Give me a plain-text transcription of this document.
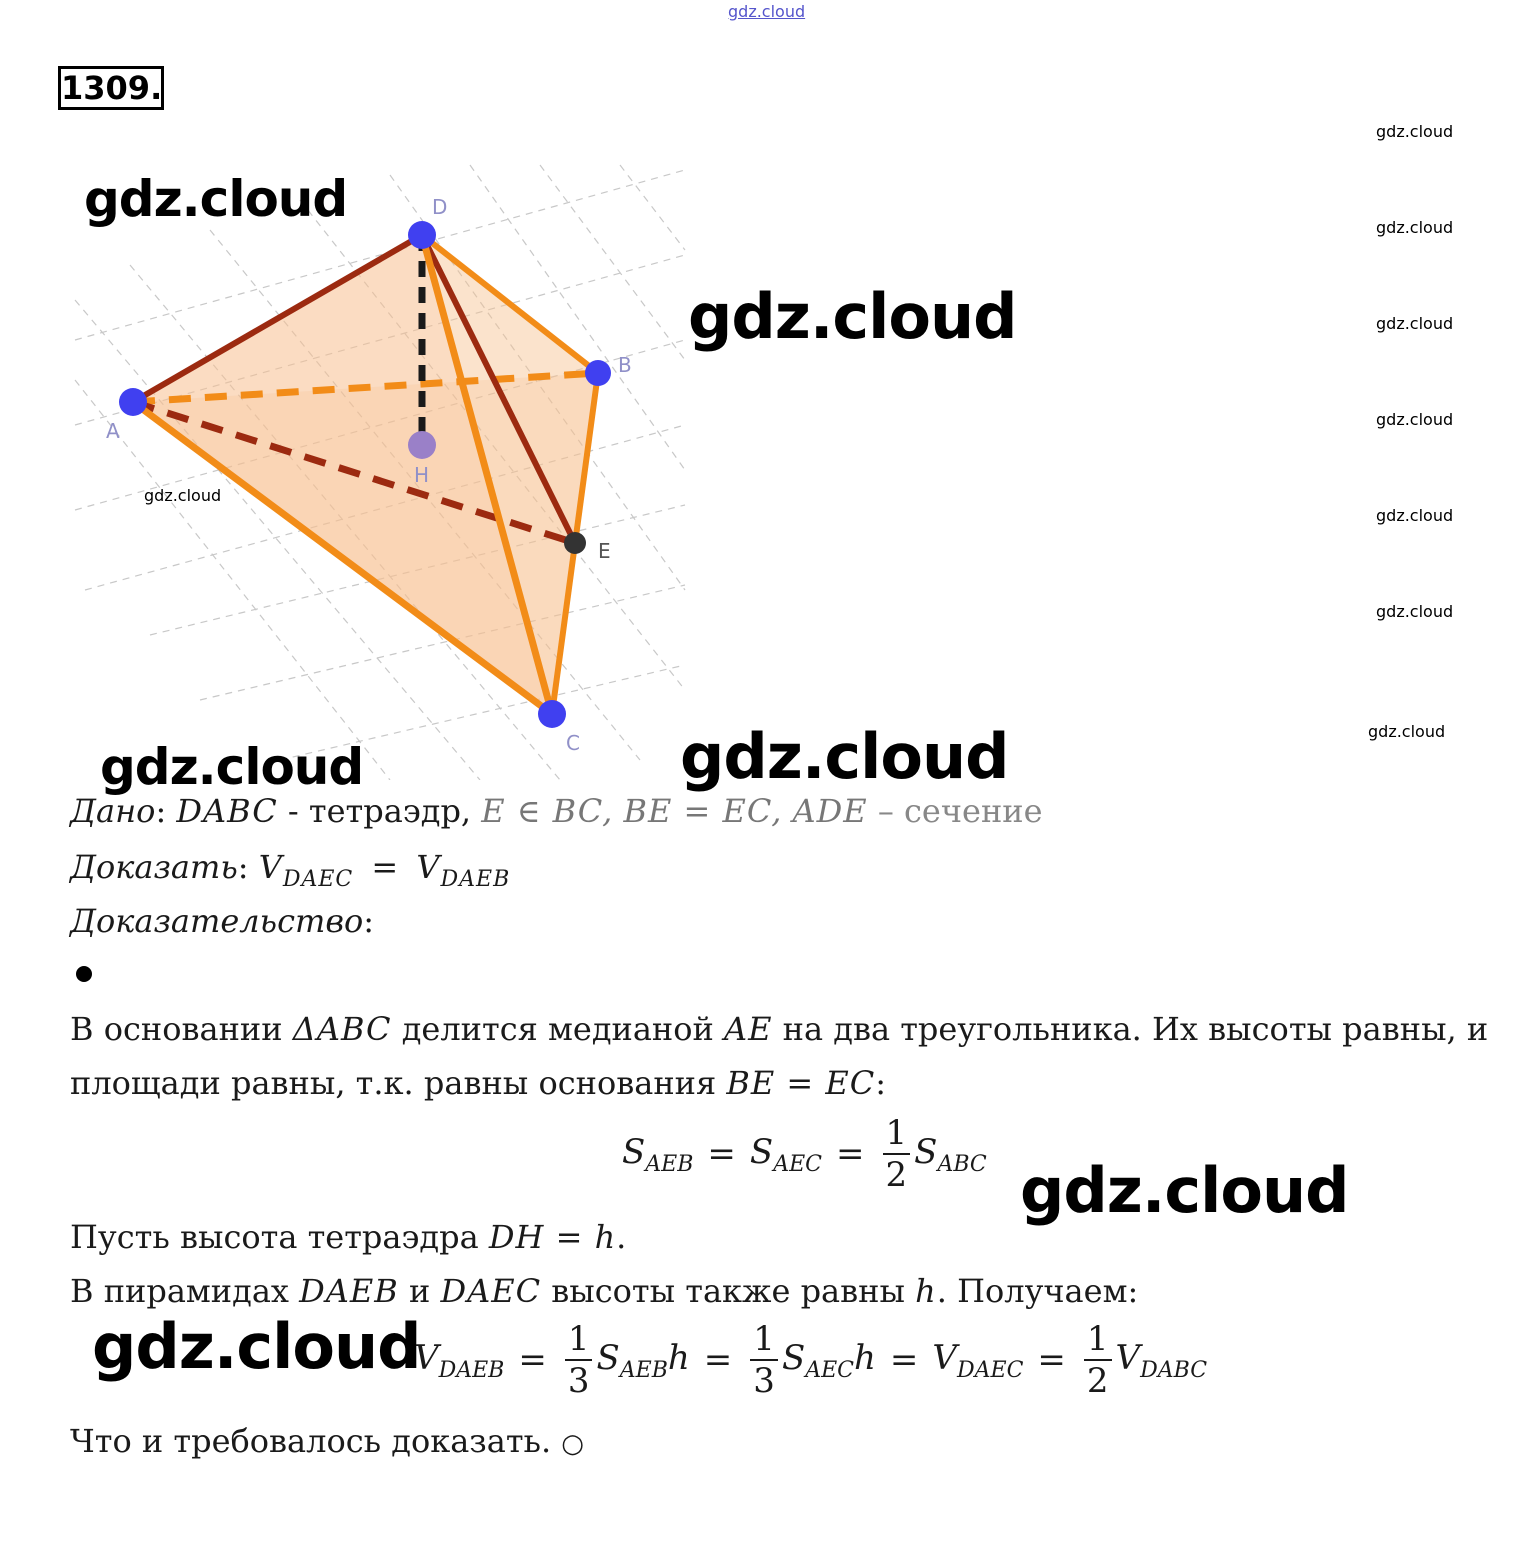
gdz.cloud
1309.
gdz.cloud
gdz.cloud
gdz.cloud
gdz.cloud
gdz.cloud
gdz.cloud
gdz.cloud
D
A
B
C
H
E
gdz.cloud
gdz.cloud
gdz.cloud
gdz.cloud	gdz.cloud
Дано: DABC - тетраэдр, E ∈ BC, BE = EC, ADE – сечение
Доказать: $V_{DAEC} = V_{DAEB}$
Доказательство:
В основании ΔABC делится медианой AE на два треугольника. Их высоты равны, и
площади равны, т.к. равны основания BE = EC:
$S_{AEB} = S_{AEC} = \frac{1}{2} S_{ABC}$ gdz.cloud
Пусть высота тетраэдра DH = h.
В пирамидах DAEB и DAEC высоты также равны h. Получаем:
gdz.cloud
$V_{DAEB} = \frac{1}{3} S_{AEB}h = \frac{1}{3} S_{AEC}h = V_{DAEC} = \frac{1}{2} V_{DABC}$
Что и требовалось доказать. ○
